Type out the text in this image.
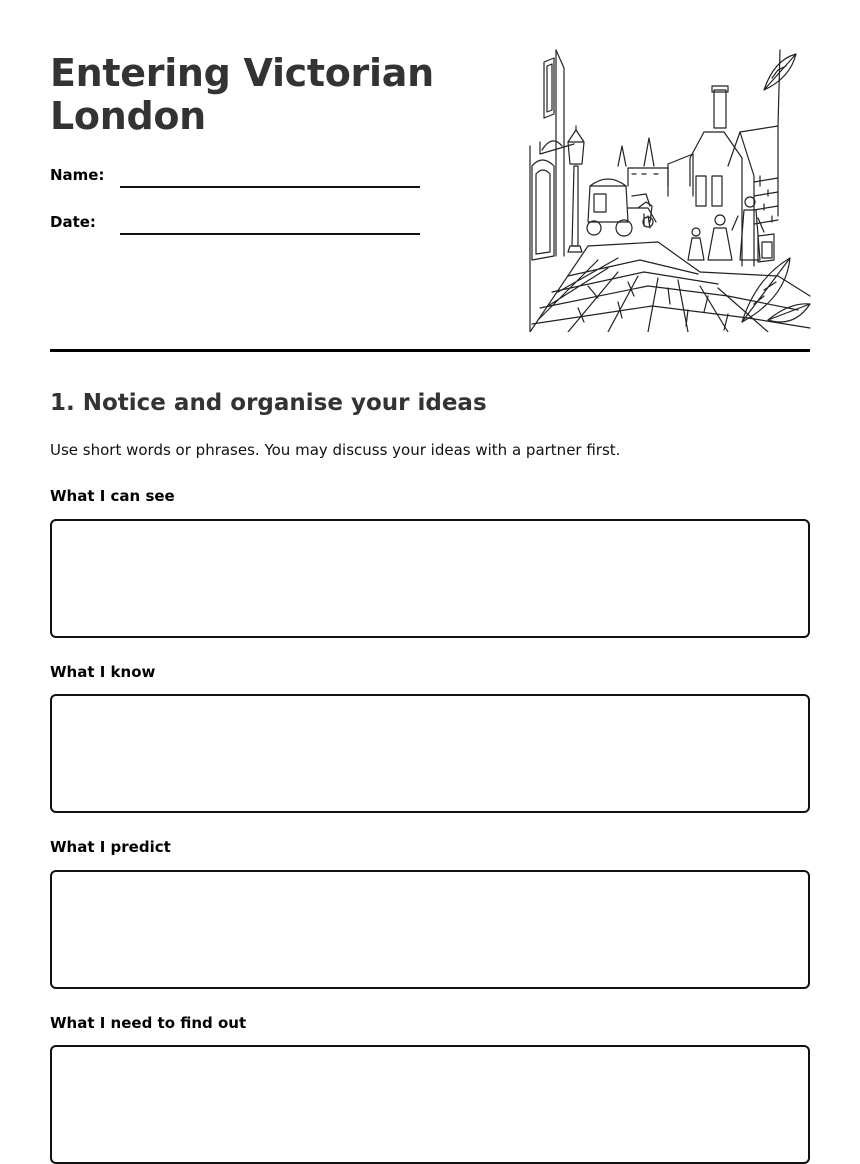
Entering Victorian London
Name:
Date:
1. Notice and organise your ideas

Use short words or phrases. You may discuss your ideas with a partner first.

What I can see
What I know
What I predict
What I need to find out
